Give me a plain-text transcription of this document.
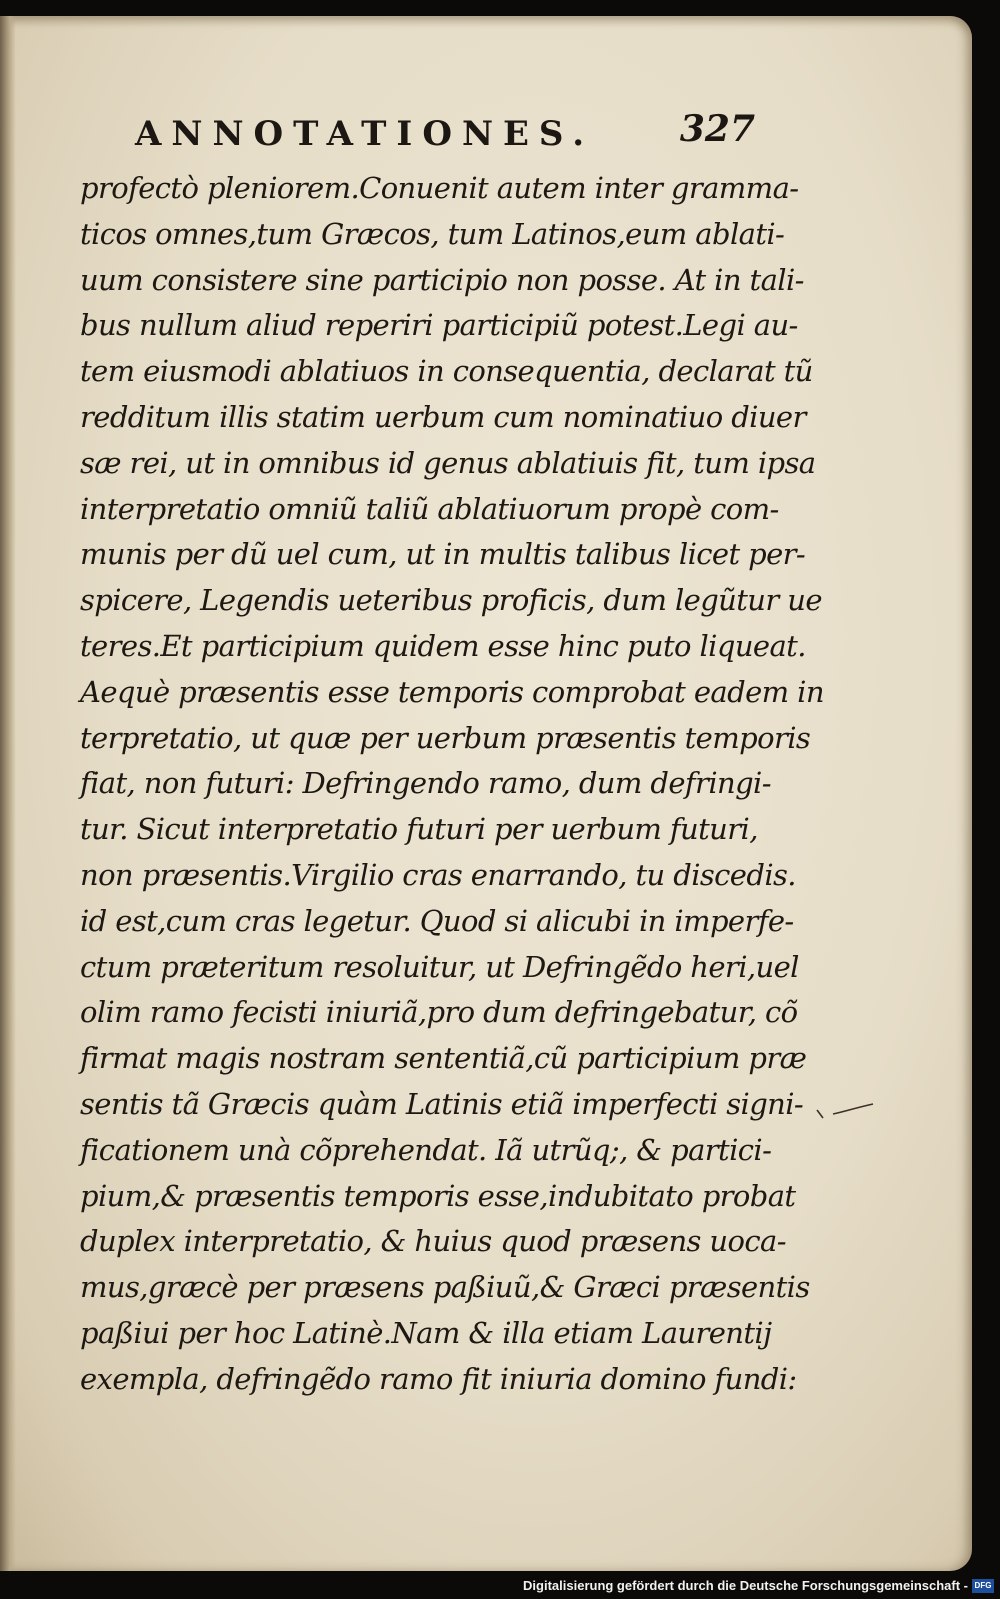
ANNOTATIONES. 327
profectò pleniorem.Conuenit autem inter gramma-
ticos omnes,tum Græcos, tum Latinos,eum ablati-
uum consistere sine participio non posse. At in tali-
bus nullum aliud reperiri participiũ potest.Legi au-
tem eiusmodi ablatiuos in consequentia, declarat tũ
redditum illis statim uerbum cum nominatiuo diuer
sæ rei, ut in omnibus id genus ablatiuis fit, tum ipsa
interpretatio omniũ taliũ ablatiuorum propè com-
munis per dũ uel cum, ut in multis talibus licet per-
spicere, Legendis ueteribus proficis, dum legũtur ue
teres.Et participium quidem esse hinc puto liqueat.
Aequè præsentis esse temporis comprobat eadem in
terpretatio, ut quæ per uerbum præsentis temporis
fiat, non futuri: Defringendo ramo, dum defringi-
tur. Sicut interpretatio futuri per uerbum futuri,
non præsentis.Virgilio cras enarrando, tu discedis.
id est,cum cras legetur. Quod si alicubi in imperfe-
ctum præteritum resoluitur, ut Defringẽdo heri,uel
olim ramo fecisti iniuriã,pro dum defringebatur, cõ
firmat magis nostram sententiã,cũ participium præ
sentis tã Græcis quàm Latinis etiã imperfecti signi-
ficationem unà cõprehendat. Iã utrũq;, & partici-
pium,& præsentis temporis esse,indubitato probat
duplex interpretatio, & huius quod præsens uoca-
mus,græcè per præsens paßiuũ,& Græci præsentis
paßiui per hoc Latinè.Nam & illa etiam Laurentij
exempla, defringẽdo ramo fit iniuria domino fundi:
Digitalisierung gefördert durch die Deutsche Forschungsgemeinschaft - DFG
